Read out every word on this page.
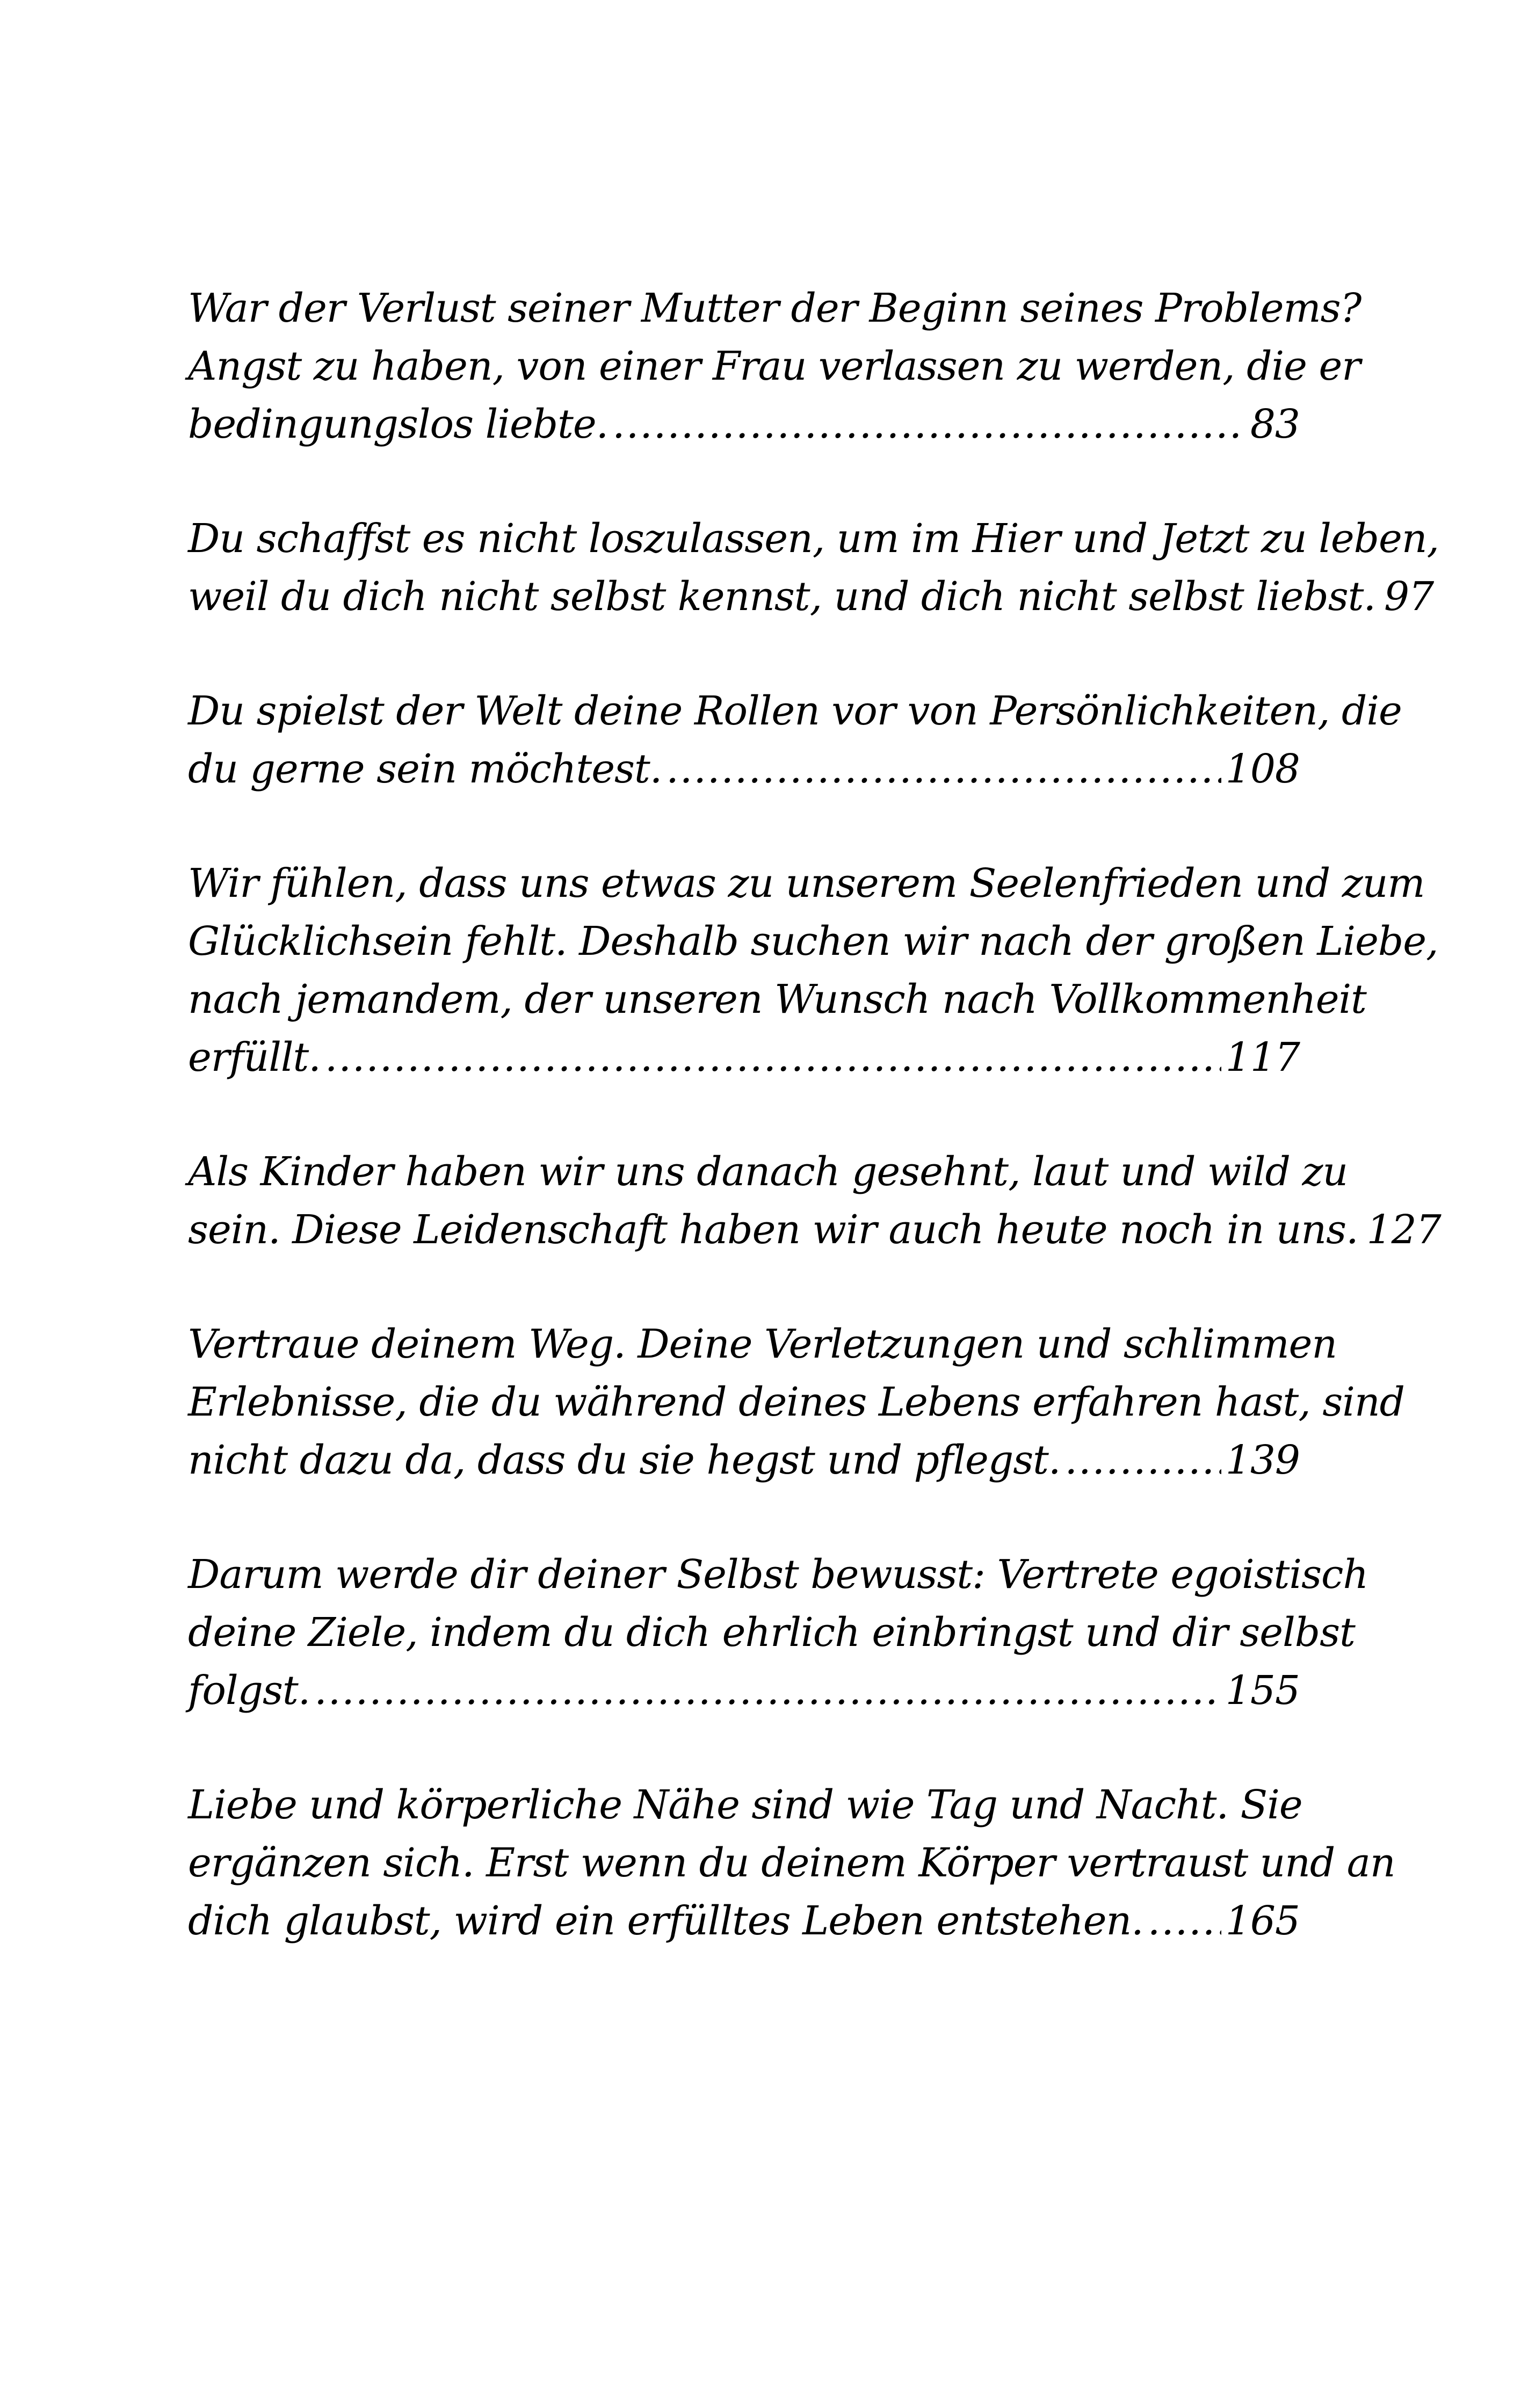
War der Verlust seiner Mutter der Beginn seines Problems?
Angst zu haben, von einer Frau verlassen zu werden, die er
bedingungslos liebte. .....	83
Du schaffst es nicht loszulassen, um im Hier und Jetzt zu leben,
weil du dich nicht selbst kennst, und dich nicht selbst liebst. 97
Du spielst der Welt deine Rollen vor von Persönlichkeiten, die
du gerne sein möchtest. .....	108
Wir fühlen, dass uns etwas zu unserem Seelenfrieden und zum
Glücklichsein fehlt. Deshalb suchen wir nach der großen Liebe,
nach jemandem, der unseren Wunsch nach Vollkommenheit
erfüllt. .....	117
Als Kinder haben wir uns danach gesehnt, laut und wild zu
sein. Diese Leidenschaft haben wir auch heute noch in uns. 127
Vertraue deinem Weg. Deine Verletzungen und schlimmen
Erlebnisse, die du während deines Lebens erfahren hast, sind
nicht dazu da, dass du sie hegst und pflegst. .....	139
Darum werde dir deiner Selbst bewusst: Vertrete egoistisch
deine Ziele, indem du dich ehrlich einbringst und dir selbst
folgst. .....	155
Liebe und körperliche Nähe sind wie Tag und Nacht. Sie
ergänzen sich. Erst wenn du deinem Körper vertraust und an
dich glaubst, wird ein erfülltes Leben entstehen. ..... 165
